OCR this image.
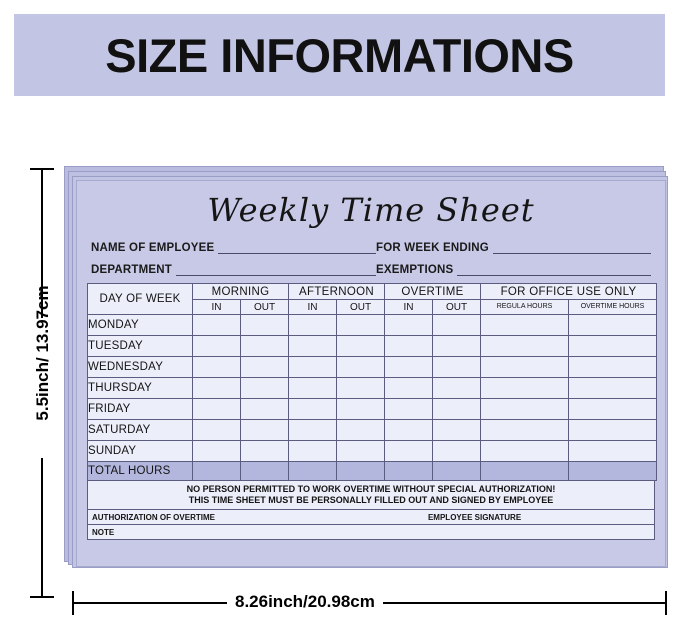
SIZE INFORMATIONS
5.5inch/ 13.97cm
8.26inch/20.98cm
Weekly Time Sheet
NAME OF EMPLOYEE	FOR WEEK ENDING
DEPARTMENT	EXEMPTIONS
DAY OF WEEK	MORNING		AFTERNOON		OVERTIME		FOR OFFICE USE ONLY	
	IN	OUT	IN	OUT	IN	OUT	REGULA HOURS	OVERTIME HOURS
MONDAY								
TUESDAY								
WEDNESDAY								
THURSDAY								
FRIDAY								
SATURDAY								
SUNDAY								
TOTAL HOURS								
NO PERSON PERMITTED TO WORK OVERTIME WITHOUT SPECIAL AUTHORIZATION!
THIS TIME SHEET MUST BE PERSONALLY FILLED OUT AND SIGNED BY EMPLOYEE
AUTHORIZATION OF OVERTIME	EMPLOYEE SIGNATURE
NOTE
